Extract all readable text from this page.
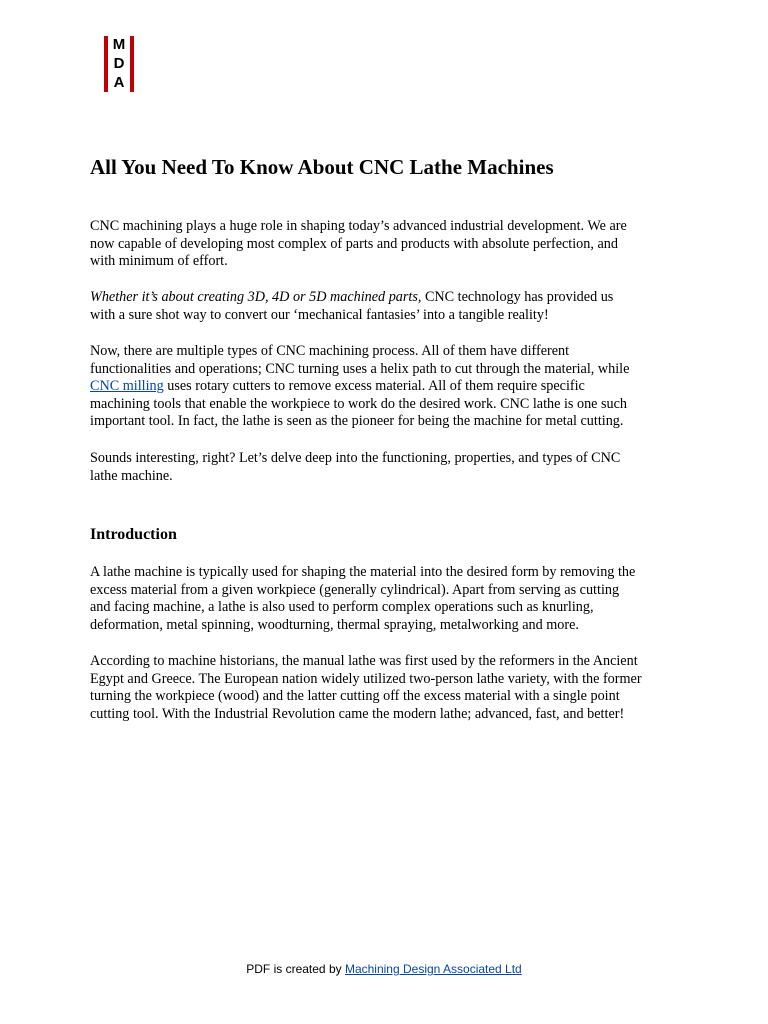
M
D
A
All You Need To Know About CNC Lathe Machines

CNC machining plays a huge role in shaping today’s advanced industrial development. We are
now capable of developing most complex of parts and products with absolute perfection, and
with minimum of effort.

Whether it’s about creating 3D, 4D or 5D machined parts, CNC technology has provided us
with a sure shot way to convert our ‘mechanical fantasies’ into a tangible reality!

Now, there are multiple types of CNC machining process. All of them have different
functionalities and operations; CNC turning uses a helix path to cut through the material, while
CNC milling uses rotary cutters to remove excess material. All of them require specific
machining tools that enable the workpiece to work do the desired work. CNC lathe is one such
important tool. In fact, the lathe is seen as the pioneer for being the machine for metal cutting.

Sounds interesting, right? Let’s delve deep into the functioning, properties, and types of CNC
lathe machine.

Introduction

A lathe machine is typically used for shaping the material into the desired form by removing the
excess material from a given workpiece (generally cylindrical). Apart from serving as cutting
and facing machine, a lathe is also used to perform complex operations such as knurling,
deformation, metal spinning, woodturning, thermal spraying, metalworking and more.

According to machine historians, the manual lathe was first used by the reformers in the Ancient
Egypt and Greece. The European nation widely utilized two-person lathe variety, with the former
turning the workpiece (wood) and the latter cutting off the excess material with a single point
cutting tool. With the Industrial Revolution came the modern lathe; advanced, fast, and better!

PDF is created by Machining Design Associated Ltd
